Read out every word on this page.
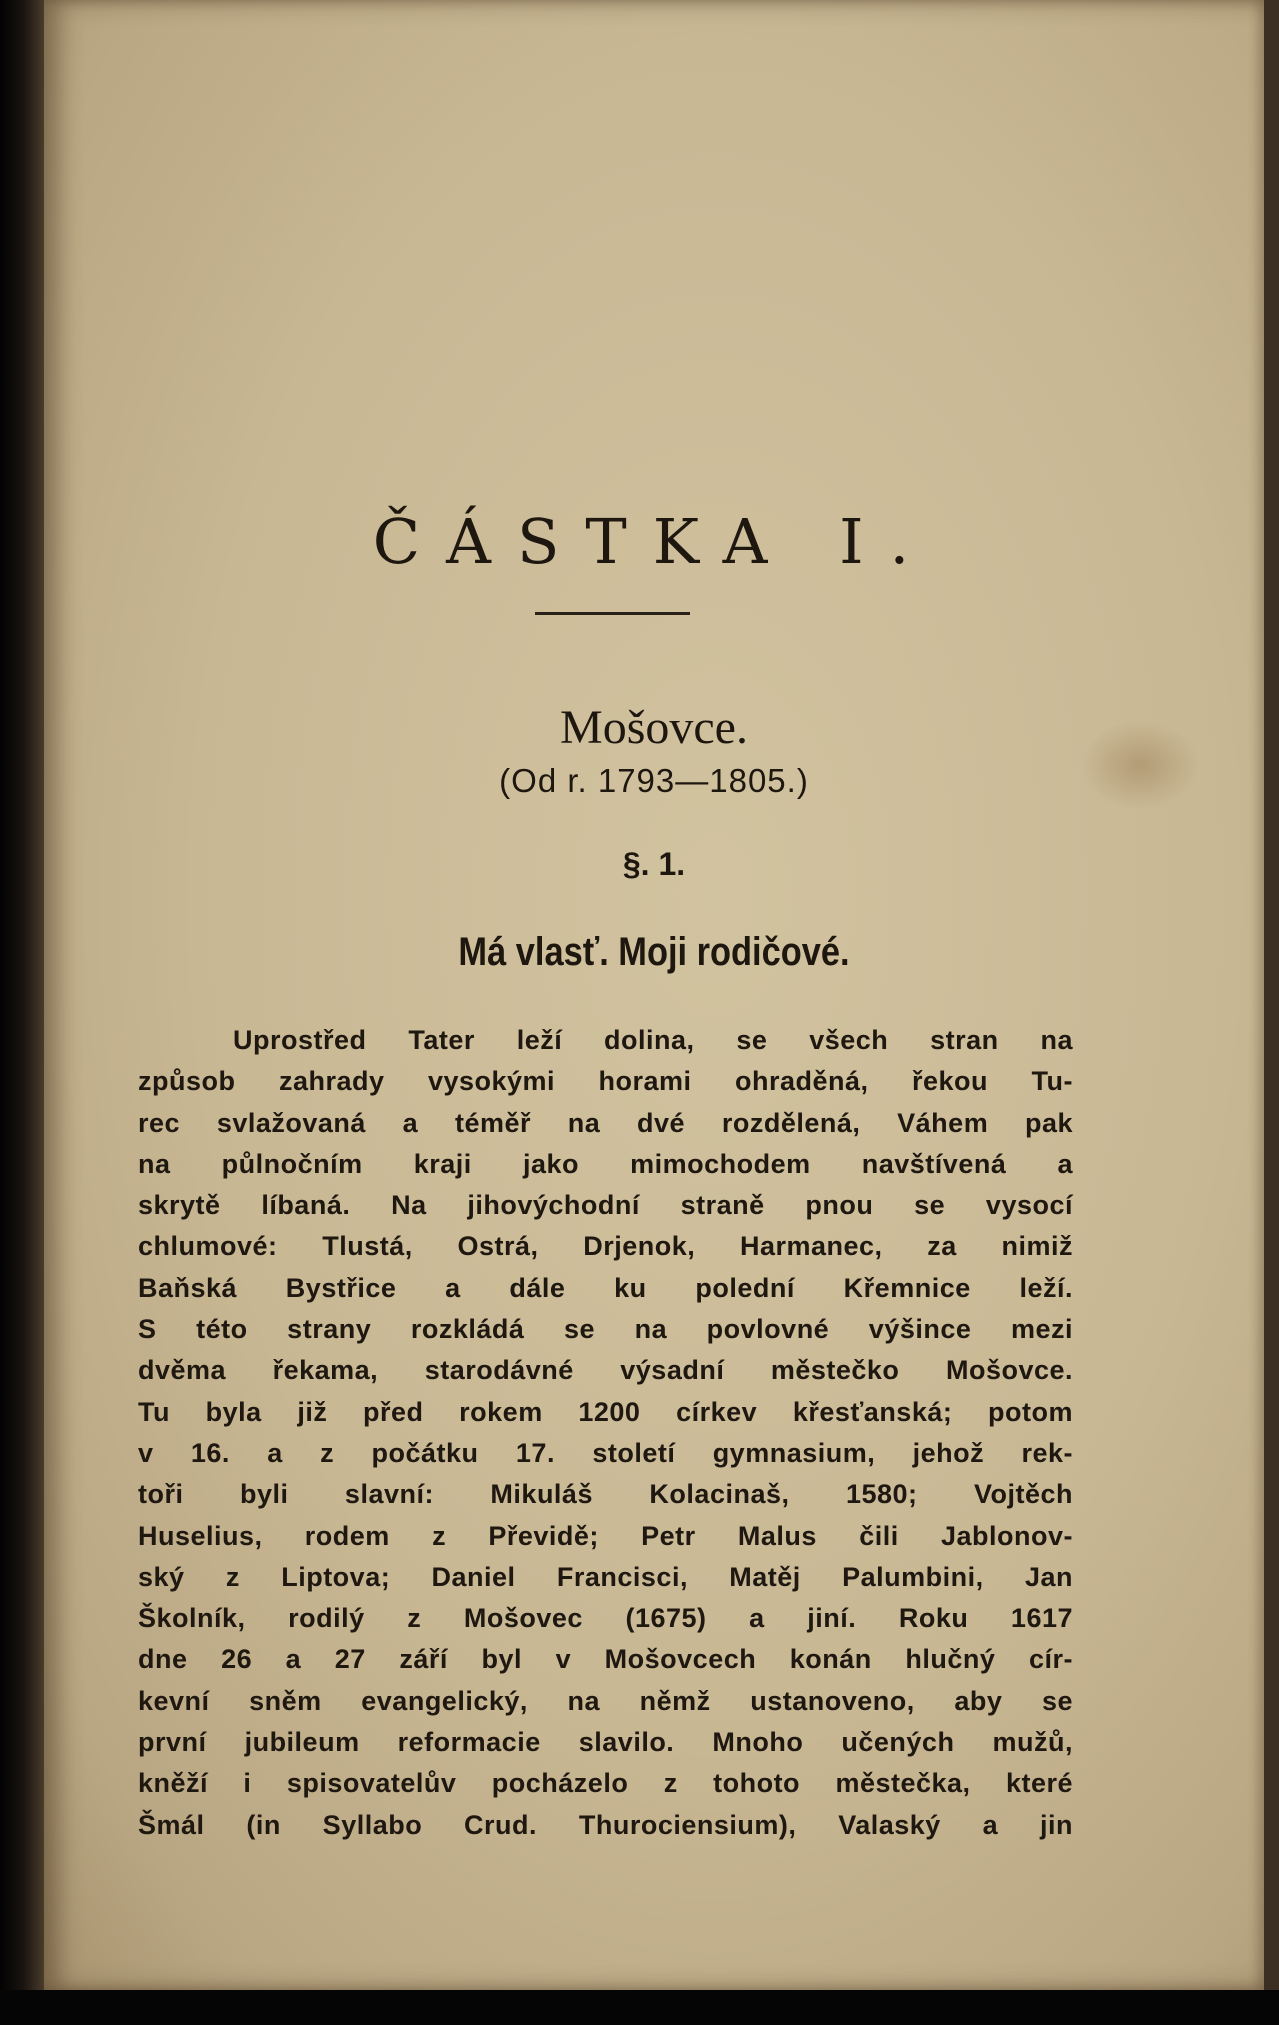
ČÁSTKA I.
Mošovce.
(Od r. 1793—1805.)
§. 1.
Má vlasť. Moji rodičové.
Uprostřed Tater leží dolina, se všech stran na
způsob zahrady vysokými horami ohraděná, řekou Tu-
rec svlažovaná a téměř na dvé rozdělená, Váhem pak
na půlnočním kraji jako mimochodem navštívená a
skrytě líbaná. Na jihovýchodní straně pnou se vysocí
chlumové: Tlustá, Ostrá, Drjenok, Harmanec, za nimiž
Baňská Bystřice a dále ku polední Křemnice leží.
S této strany rozkládá se na povlovné výšince mezi
dvěma řekama, starodávné výsadní městečko Mošovce.
Tu byla již před rokem 1200 církev křesťanská; potom
v 16. a z počátku 17. století gymnasium, jehož rek-
toři byli slavní: Mikuláš Kolacinaš, 1580; Vojtěch
Huselius, rodem z Převidě; Petr Malus čili Jablonov-
ský z Liptova; Daniel Francisci, Matěj Palumbini, Jan
Školník, rodilý z Mošovec (1675) a jiní. Roku 1617
dne 26 a 27 září byl v Mošovcech konán hlučný cír-
kevní sněm evangelický, na němž ustanoveno, aby se
první jubileum reformacie slavilo. Mnoho učených mužů,
kněží i spisovatelův pocházelo z tohoto městečka, které
Šmál (in Syllabo Crud. Thurociensium), Valaský a jin
